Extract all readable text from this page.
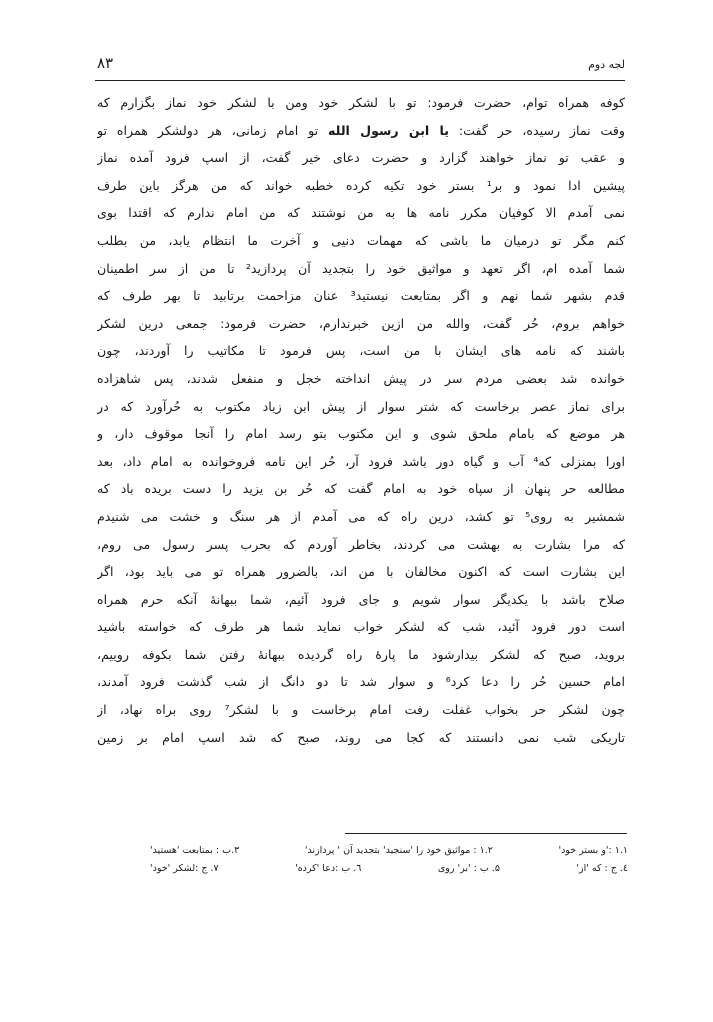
لجه دوم
۸۳
کوفه همراه توام، حضرت فرمود: تو با لشکر خود ومن با لشکر خود نماز بگزارم که
وقت نماز رسیده، حر گفت: یا ابن رسول الله تو امام زمانی، هر دولشکر همراه تو
و عقب تو نماز خواهند گزارد و حضرت دعای خیر گفت، از اسپ فرود آمده نماز
پیشین ادا نمود و بر¹ بستر خود تکیه کرده خطبه خواند که من هرگز باین طرف
نمی آمدم الا کوفیان مکرر نامه ها به من نوشتند که من امام ندارم که اقتدا بوی
کنم مگر تو درمیان ما باشی که مهمات دنیی و آخرت ما انتظام یابد، من بطلب
شما آمده ام، اگر تعهد و مواثیق خود را بتجدید آن پردازید² تا من از سر اطمینان
قدم بشهر شما نهم و اگر بمتابعت نیستید³ عنان مزاحمت برتابید تا بهر طرف که
خواهم بروم، حُر گفت، والله من ازین خبرندارم، حضرت فرمود: جمعی درین لشکر
باشند که نامه های ایشان با من است، پس فرمود تا مکاتیب را آوردند، چون
خوانده شد بعضی مردم سر در پیش انداخته خجل و منفعل شدند، پس شاهزاده
برای نماز عصر برخاست که شتر سوار از پیش ابن زیاد مکتوب به حُرآورد که در
هر موضع که بامام ملحق شوی و این مکتوب بتو رسد امام را آنجا موقوف دار، و
اورا بمنزلی که⁴ آب و گیاه دور باشد فرود آر، حُر این نامه فروخوانده به امام داد، بعد
مطالعه حر پنهان از سپاه خود به امام گفت که حُر بن یزید را دست بریده باد که
شمشیر به روی⁵ تو کشد، درین راه که می آمدم از هر سنگ و خشت می شنیدم
که مرا بشارت به بهشت می کردند، بخاطر آوردم که بحرب پسر رسول می روم،
این بشارت است که اکنون مخالفان با من اند، بالضرور همراه تو می باید بود، اگر
صلاح باشد با یکدیگر سوار شویم و جای فرود آئیم، شما ببهانهٔ آنکه حرم همراه
است دور فرود آئید، شب که لشکر خواب نماید شما هر طرف که خواسته باشید
بروید، صبح که لشکر بیدارشود ما پارهٔ راه گردیده ببهانهٔ رفتن شما بکوفه روییم،
امام حسین حُر را دعا کرد⁶ و سوار شد تا دو دانگ از شب گذشت فرود آمدند،
چون لشکر حر بخواب غفلت رفت امام برخاست و با لشکر⁷ روی براه نهاد، از
تاریکی شب نمی دانستند که کجا می روند، صبح که شد اسپ امام بر زمین
۱.۱ :'و بستر خود'
۱.۲ : مواثیق خود را 'سنجید' بتجدید آن ' پردازند'
۳.ب : بمتابعت 'هستید'
٤. ج : که 'از'
۵. ب : 'بر' روی
٦. ب :دعا 'کرده'
۷. ج :لشکر 'خود'
